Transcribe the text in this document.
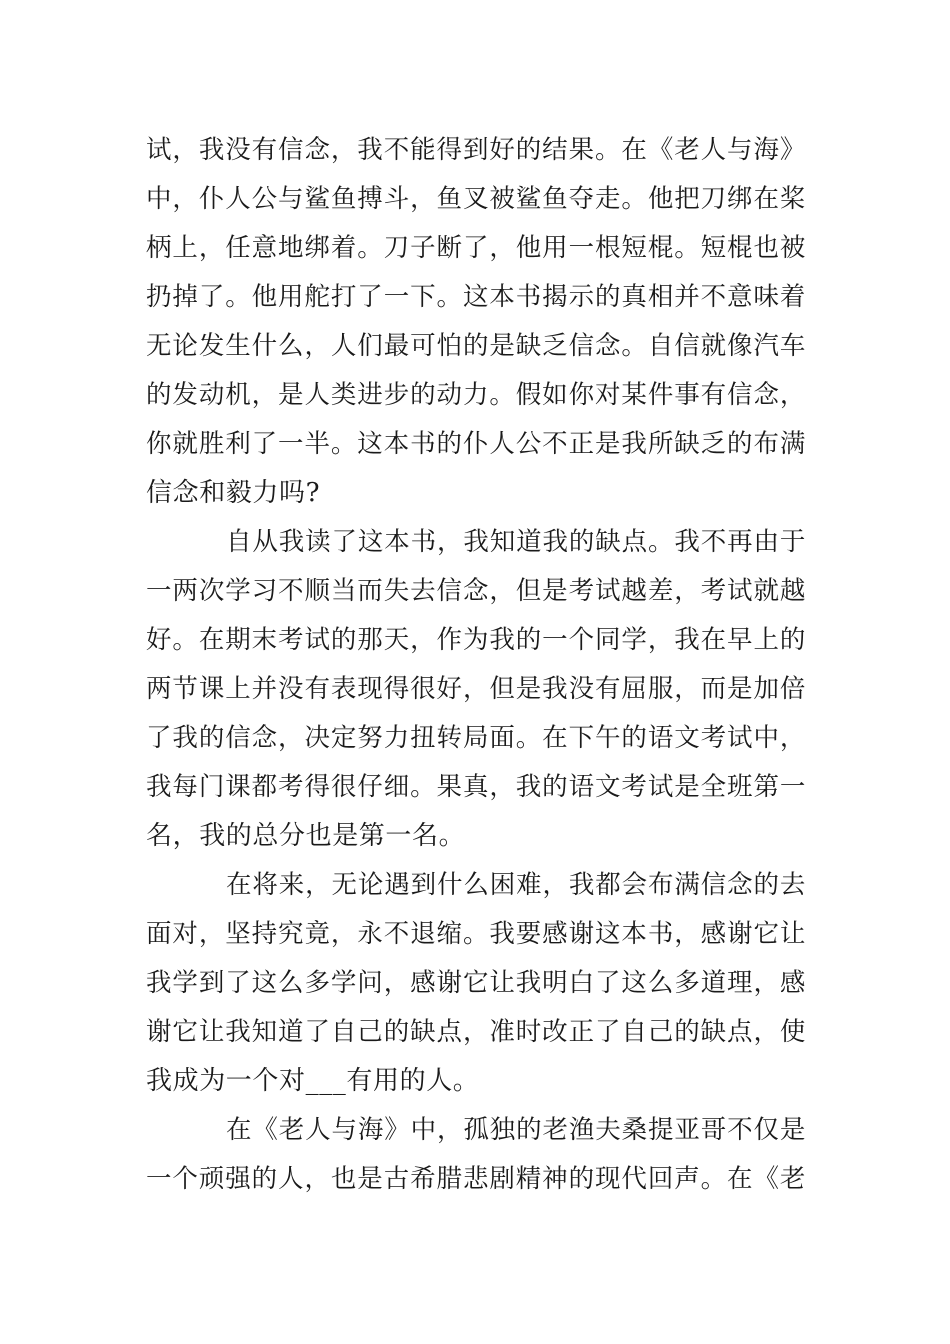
试，我没有信念，我不能得到好的结果。在《老人与海》
中，仆人公与鲨鱼搏斗，鱼叉被鲨鱼夺走。他把刀绑在桨
柄上，任意地绑着。刀子断了，他用一根短棍。短棍也被
扔掉了。他用舵打了一下。这本书揭示的真相并不意味着
无论发生什么，人们最可怕的是缺乏信念。自信就像汽车
的发动机，是人类进步的动力。假如你对某件事有信念，
你就胜利了一半。这本书的仆人公不正是我所缺乏的布满
信念和毅力吗?
自从我读了这本书，我知道我的缺点。我不再由于
一两次学习不顺当而失去信念，但是考试越差，考试就越
好。在期末考试的那天，作为我的一个同学，我在早上的
两节课上并没有表现得很好，但是我没有屈服，而是加倍
了我的信念，决定努力扭转局面。在下午的语文考试中，
我每门课都考得很仔细。果真，我的语文考试是全班第一
名，我的总分也是第一名。
在将来，无论遇到什么困难，我都会布满信念的去
面对，坚持究竟，永不退缩。我要感谢这本书，感谢它让
我学到了这么多学问，感谢它让我明白了这么多道理，感
谢它让我知道了自己的缺点，准时改正了自己的缺点，使
我成为一个对___有用的人。
在《老人与海》中，孤独的老渔夫桑提亚哥不仅是
一个顽强的人，也是古希腊悲剧精神的现代回声。在《老
